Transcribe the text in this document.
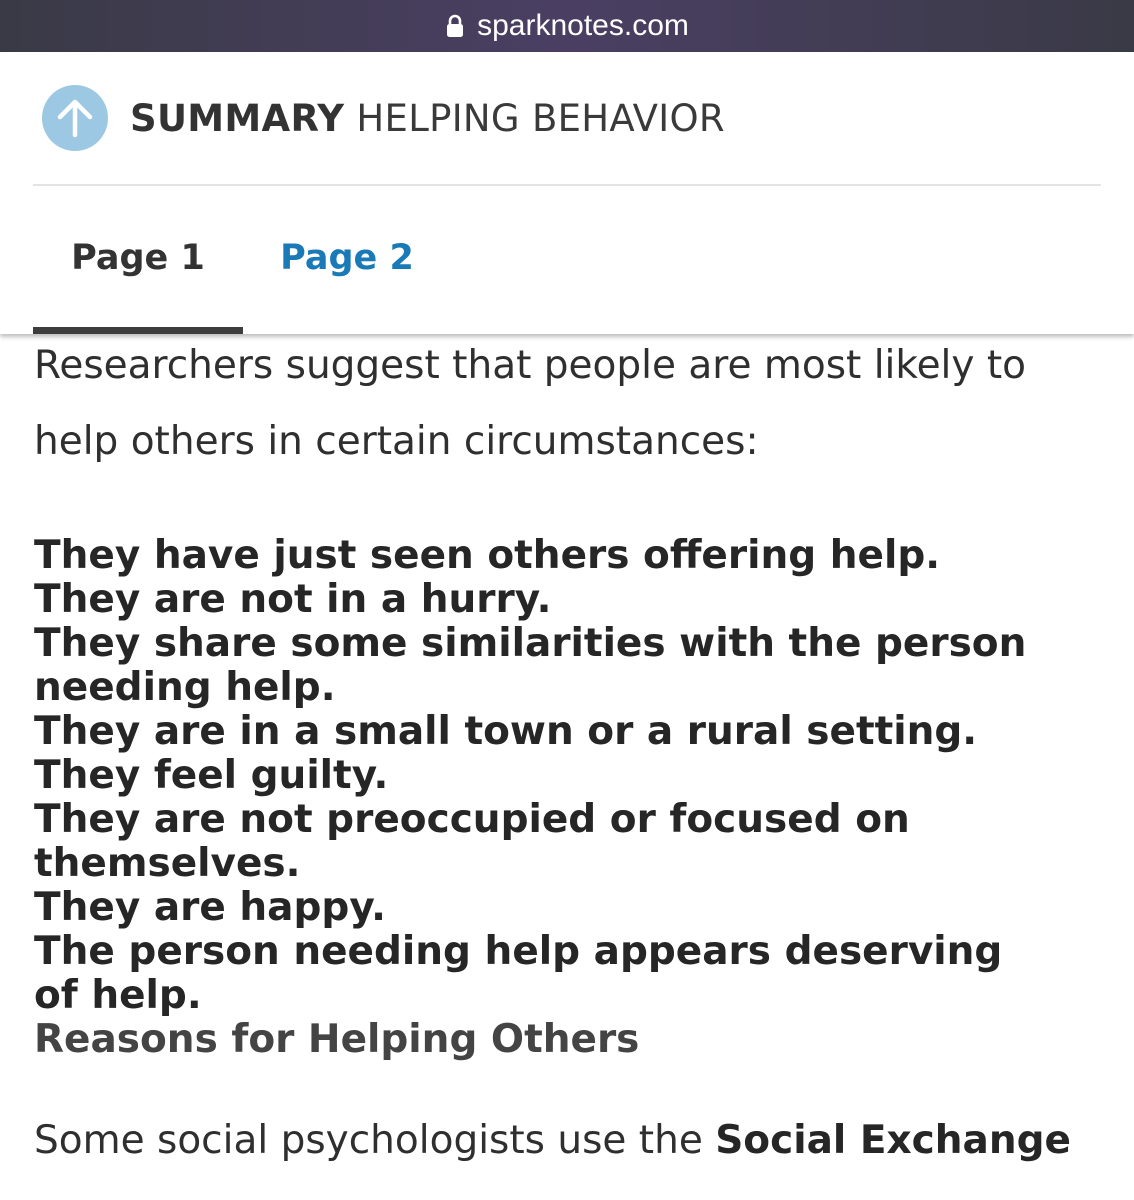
sparknotes.com
SUMMARY HELPING BEHAVIOR
Page 1	Page 2

Researchers suggest that people are most likely to help others in certain circumstances:

They have just seen others offering help.
They are not in a hurry.
They share some similarities with the person needing help.
They are in a small town or a rural setting.
They feel guilty.
They are not preoccupied or focused on themselves.
They are happy.
The person needing help appears deserving of help.
Reasons for Helping Others

Some social psychologists use the Social Exchange
